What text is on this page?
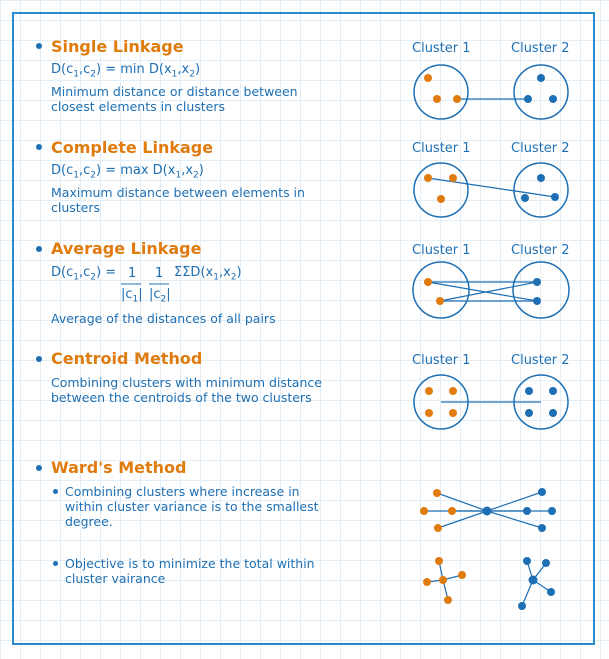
Single Linkage
$D(c_1,c_2) = \min D(x_1,x_2)$
Minimum distance or distance between
closest elements in clusters
Cluster 1	Cluster 2
Complete Linkage
$D(c_1,c_2) = \max D(x_1,x_2)$
Maximum distance between elements in
clusters
Cluster 1	Cluster 2
Average Linkage
$D(c_1,c_2) = 1$
$|c_1|$
1
$|c_2|$
$\Sigma\Sigma D(x_1,x_2)$
Average of the distances of all pairs
Cluster 1	Cluster 2
Centroid Method
Combining clusters with minimum distance
between the centroids of the two clusters
Cluster 1	Cluster 2
Ward's Method
Combining clusters where increase in
within cluster variance is to the smallest
degree.
Objective is to minimize the total within
cluster vairance
